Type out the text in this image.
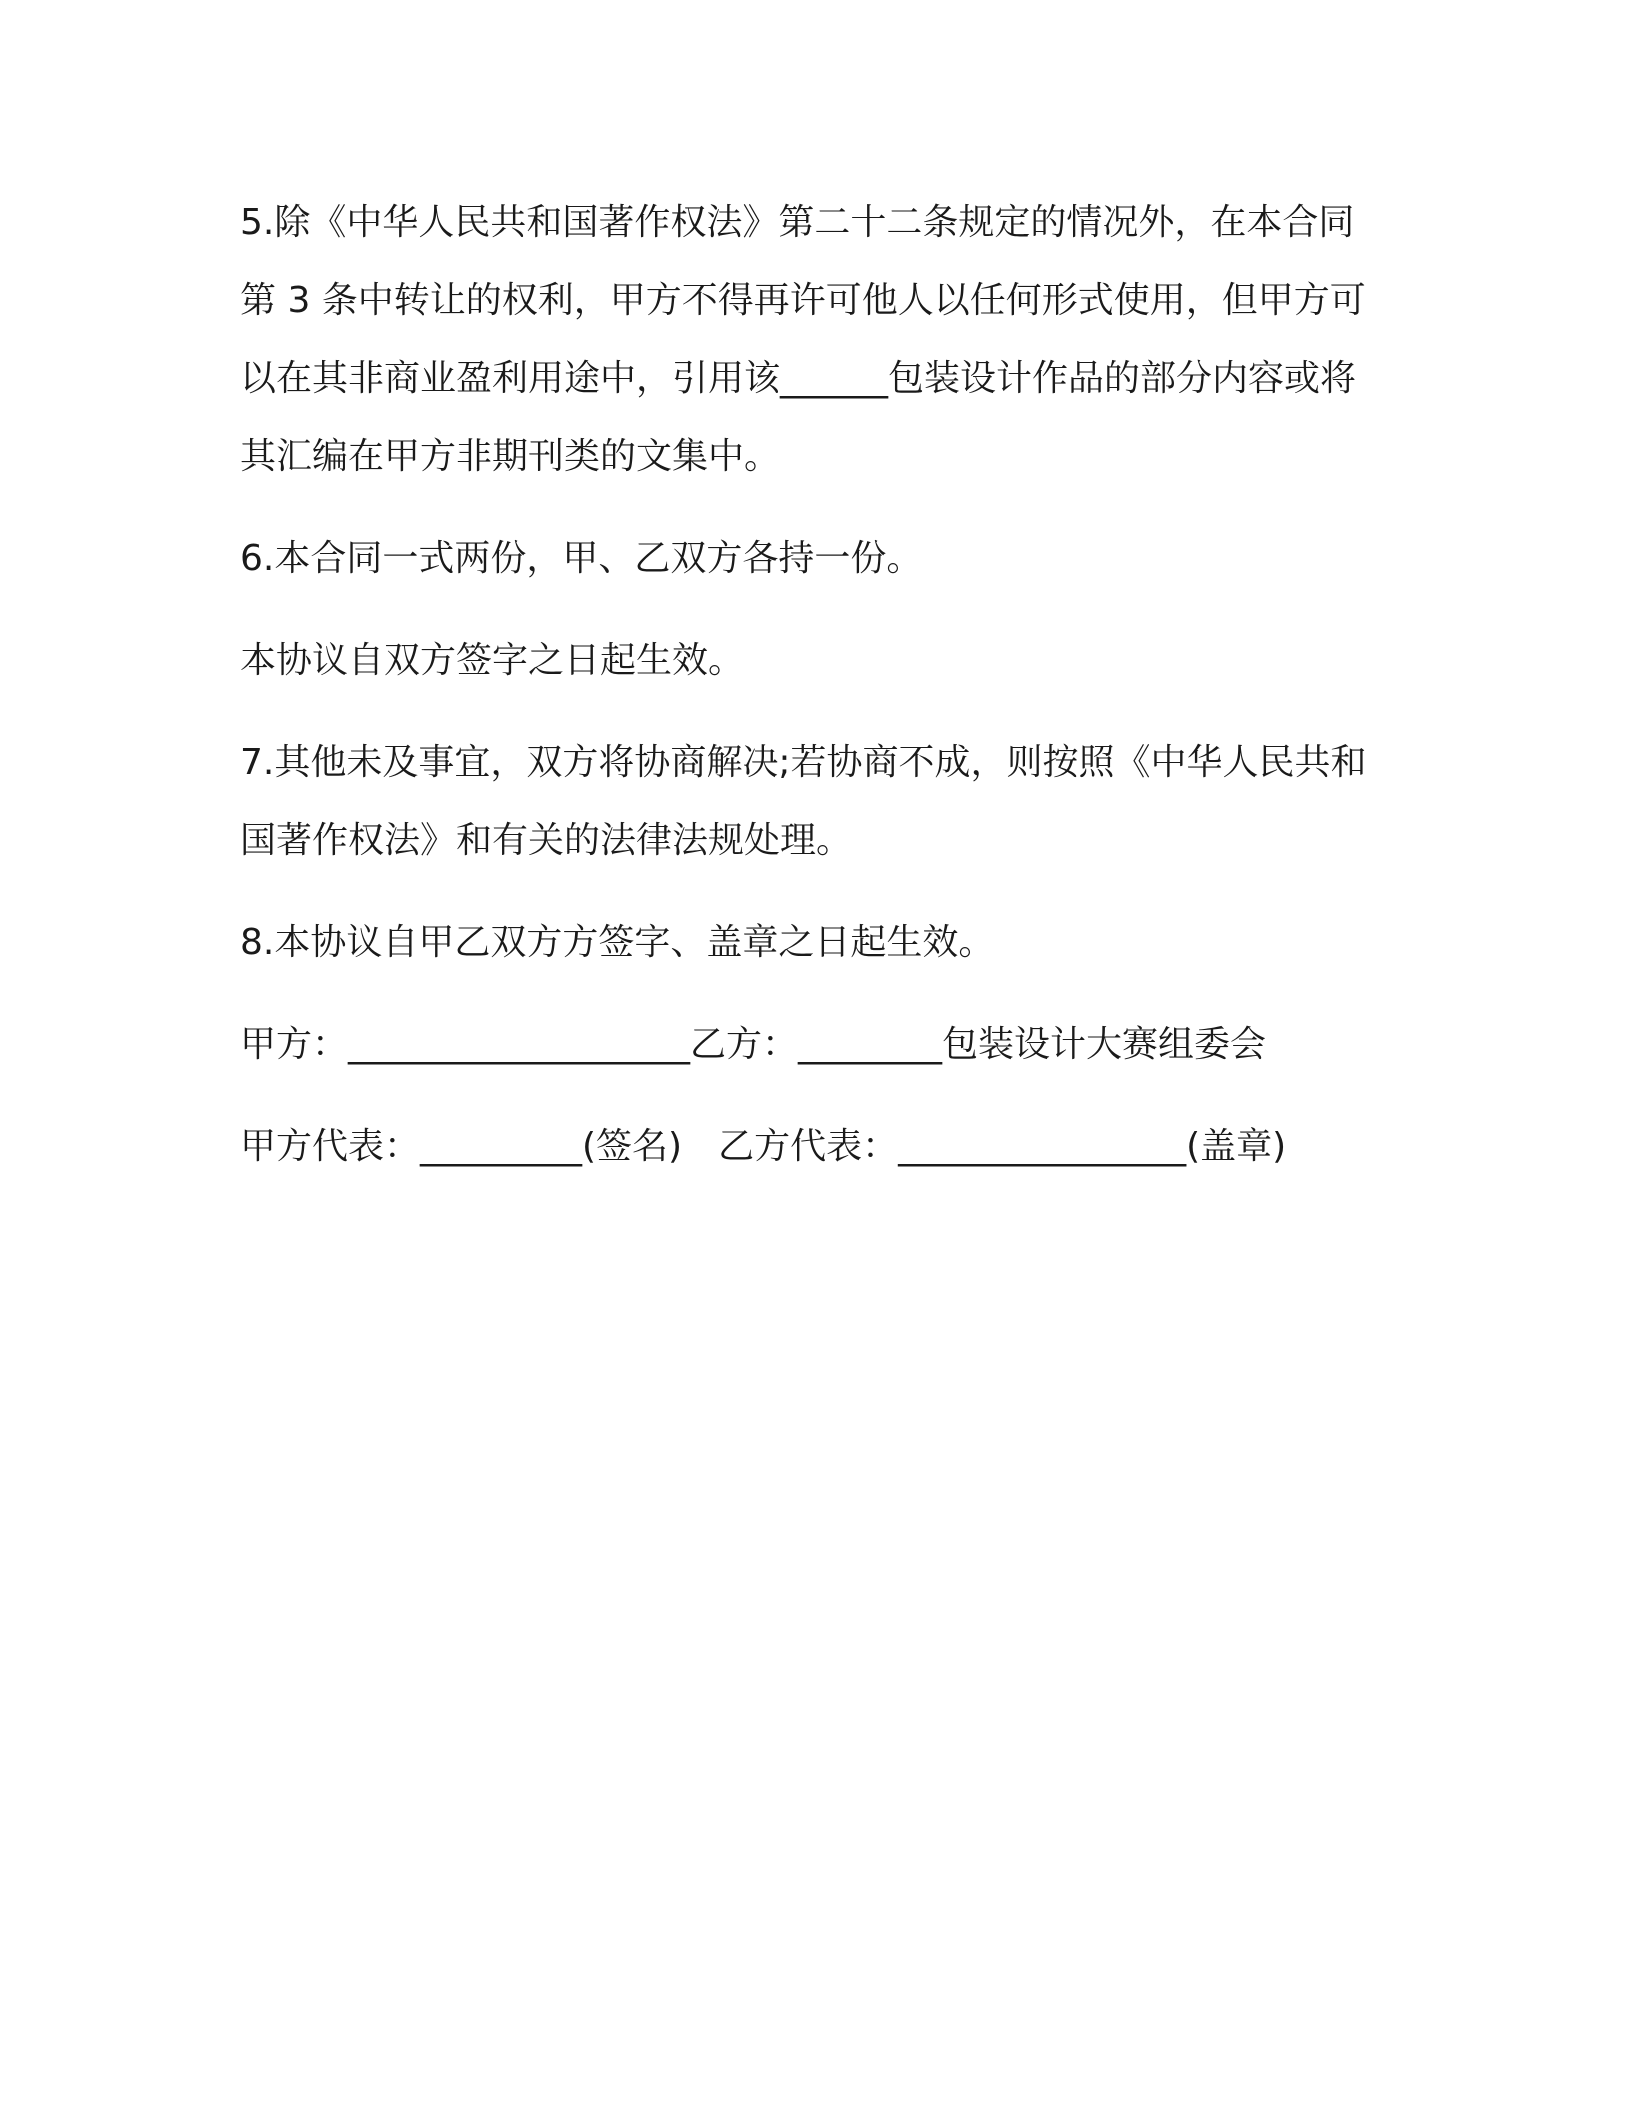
5.除《中华人民共和国著作权法》第二十二条规定的情况外，在本合同第 3 条中转让的权利，甲方不得再许可他人以任何形式使用，但甲方可以在其非商业盈利用途中，引用该______包装设计作品的部分内容或将其汇编在甲方非期刊类的文集中。

6.本合同一式两份，甲、乙双方各持一份。

本协议自双方签字之日起生效。

7.其他未及事宜，双方将协商解决;若协商不成，则按照《中华人民共和国著作权法》和有关的法律法规处理。

8.本协议自甲乙双方方签字、盖章之日起生效。

甲方：___________________乙方：________包装设计大赛组委会
甲方代表：_________(签名) 乙方代表：________________(盖章)
